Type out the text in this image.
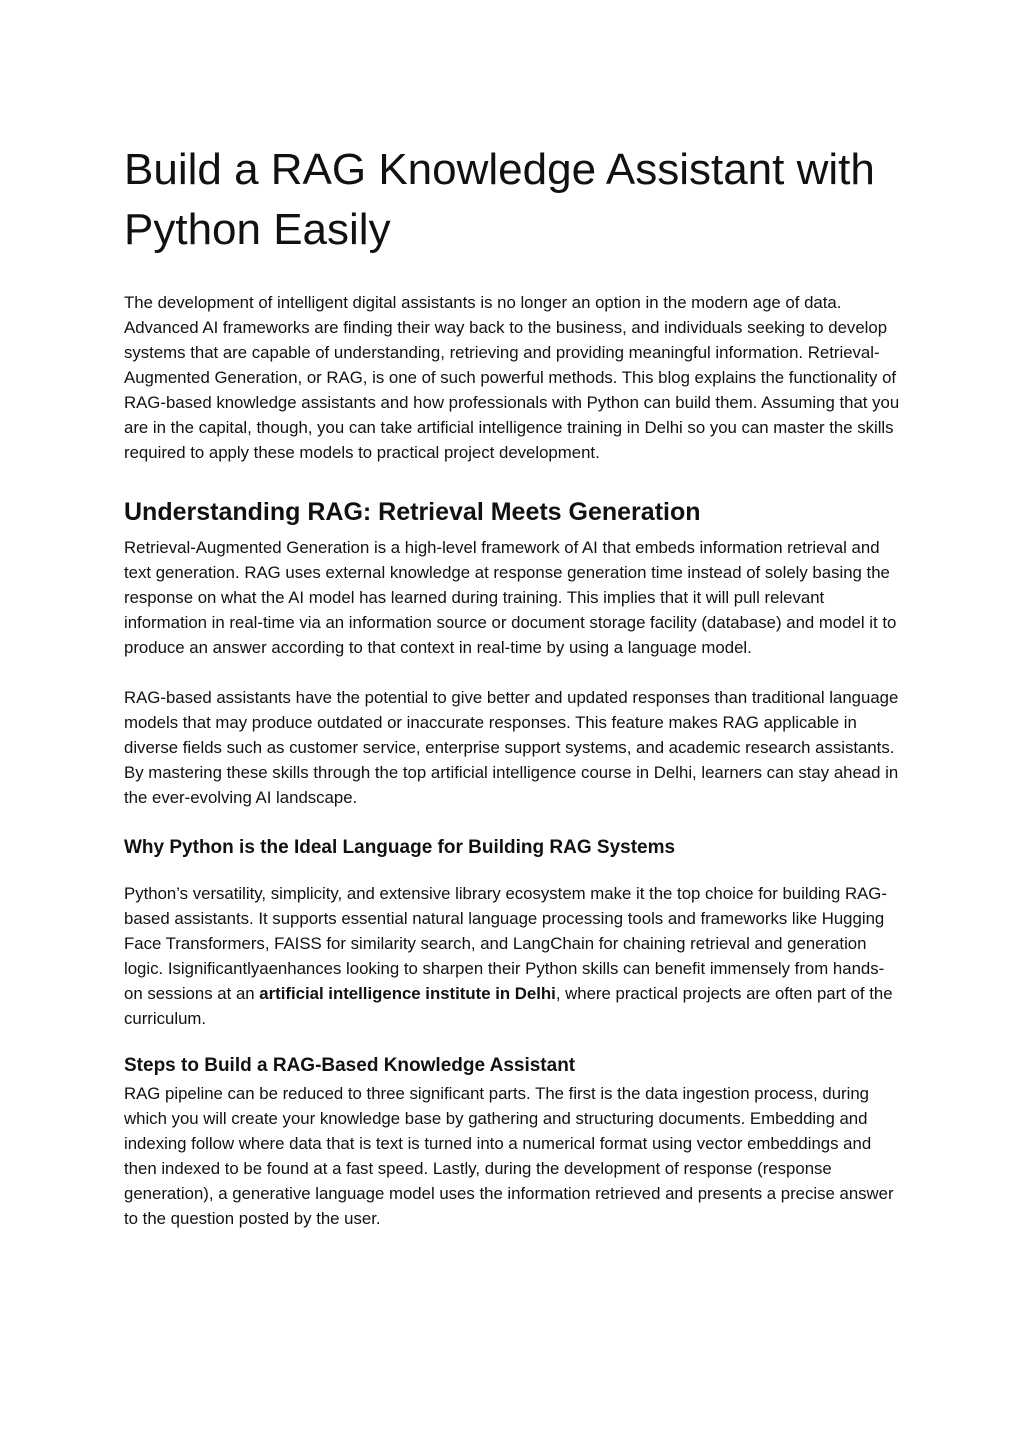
Build a RAG Knowledge Assistant with Python Easily

The development of intelligent digital assistants is no longer an option in the modern age of data. Advanced AI frameworks are finding their way back to the business, and individuals seeking to develop systems that are capable of understanding, retrieving and providing meaningful information. Retrieval-Augmented Generation, or RAG, is one of such powerful methods. This blog explains the functionality of RAG-based knowledge assistants and how professionals with Python can build them. Assuming that you are in the capital, though, you can take artificial intelligence training in Delhi so you can master the skills required to apply these models to practical project development.

Understanding RAG: Retrieval Meets Generation

Retrieval-Augmented Generation is a high-level framework of AI that embeds information retrieval and text generation. RAG uses external knowledge at response generation time instead of solely basing the response on what the AI model has learned during training. This implies that it will pull relevant information in real-time via an information source or document storage facility (database) and model it to produce an answer according to that context in real-time by using a language model.

RAG-based assistants have the potential to give better and updated responses than traditional language models that may produce outdated or inaccurate responses. This feature makes RAG applicable in diverse fields such as customer service, enterprise support systems, and academic research assistants. By mastering these skills through the top artificial intelligence course in Delhi, learners can stay ahead in the ever-evolving AI landscape.

Why Python is the Ideal Language for Building RAG Systems

Python’s versatility, simplicity, and extensive library ecosystem make it the top choice for building RAG-based assistants. It supports essential natural language processing tools and frameworks like Hugging Face Transformers, FAISS for similarity search, and LangChain for chaining retrieval and generation logic. Isignificantlyaenhances looking to sharpen their Python skills can benefit immensely from hands-on sessions at an artificial intelligence institute in Delhi, where practical projects are often part of the curriculum.

Steps to Build a RAG-Based Knowledge Assistant

RAG pipeline can be reduced to three significant parts. The first is the data ingestion process, during which you will create your knowledge base by gathering and structuring documents. Embedding and indexing follow where data that is text is turned into a numerical format using vector embeddings and then indexed to be found at a fast speed. Lastly, during the development of response (response generation), a generative language model uses the information retrieved and presents a precise answer to the question posted by the user.
